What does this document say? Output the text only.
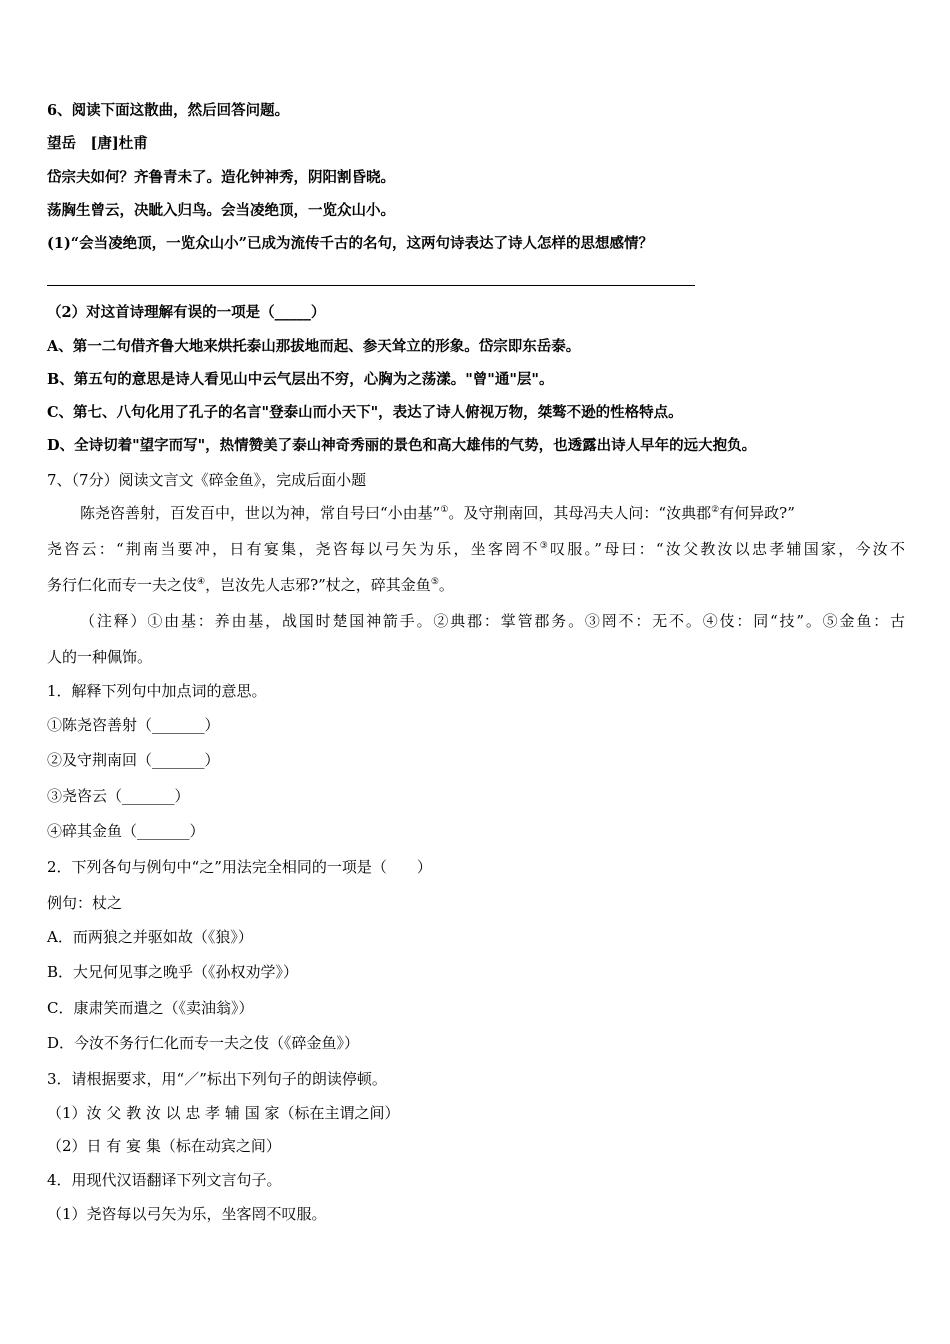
6、阅读下面这散曲，然后回答问题。
望岳　[唐]杜甫
岱宗夫如何？齐鲁青未了。造化钟神秀，阴阳割昏晓。
荡胸生曾云，决眦入归鸟。会当凌绝顶，一览众山小。
(1)“会当凌绝顶，一览众山小”已成为流传千古的名句，这两句诗表达了诗人怎样的思想感情？
（2）对这首诗理解有误的一项是（_____）
A、第一二句借齐鲁大地来烘托泰山那拔地而起、参天耸立的形象。岱宗即东岳泰。
B、第五句的意思是诗人看见山中云气层出不穷，心胸为之荡漾。"曾"通"层"。
C、第七、八句化用了孔子的名言"登泰山而小天下"，表达了诗人俯视万物，桀骜不逊的性格特点。
D、全诗切着"望字而写"，热情赞美了泰山神奇秀丽的景色和高大雄伟的气势，也透露出诗人早年的远大抱负。
7、（7分）阅读文言文《碎金鱼》，完成后面小题
陈尧咨善射，百发百中，世以为神，常自号曰“小由基”①。及守荆南回，其母冯夫人问：“汝典郡②有何异政?”
尧咨云：“荆南当要冲，日有宴集，尧咨每以弓矢为乐，坐客罔不③叹服。”母曰：“汝父教汝以忠孝辅国家，今汝不
务行仁化而专一夫之伎④，岂汝先人志邪?”杖之，碎其金鱼⑤。
（注释）①由基：养由基，战国时楚国神箭手。②典郡：掌管郡务。③罔不：无不。④伎：同“技”。⑤金鱼：古
人的一种佩饰。
1．解释下列句中加点词的意思。
①陈尧咨善射（_______）
②及守荆南回（_______）
③尧咨云（_______）
④碎其金鱼（_______）
2．下列各句与例句中“之”用法完全相同的一项是（　　）
例句：杖之
A．而两狼之并驱如故（《狼》）
B．大兄何见事之晚乎（《孙权劝学》）
C．康肃笑而遣之（《卖油翁》）
D．今汝不务行仁化而专一夫之伎（《碎金鱼》）
3．请根据要求，用“／”标出下列句子的朗读停顿。
（1）汝 父 教 汝 以 忠 孝 辅 国 家（标在主谓之间）
（2）日 有 宴 集（标在动宾之间）
4．用现代汉语翻译下列文言句子。
（1）尧咨每以弓矢为乐，坐客罔不叹服。
